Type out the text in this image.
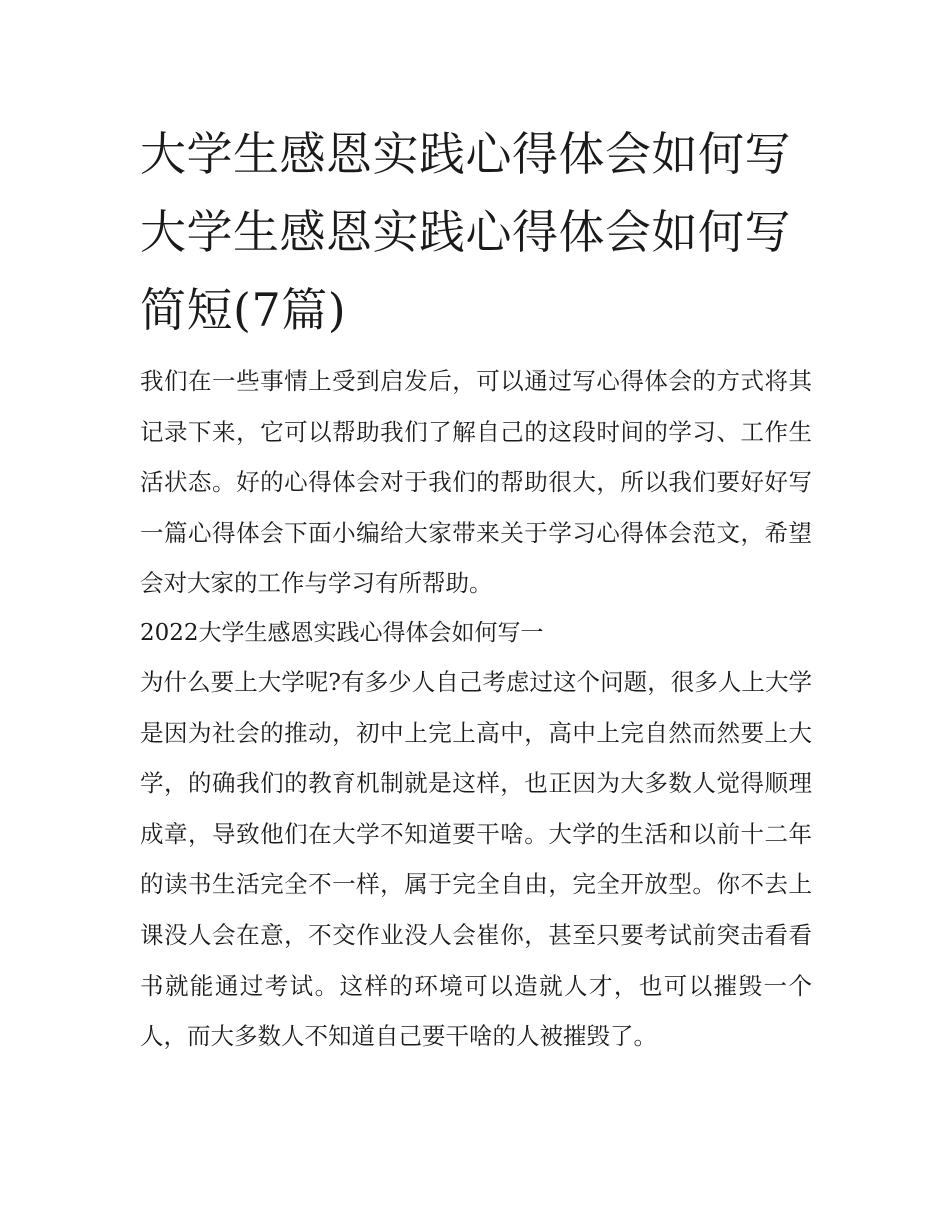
大学生感恩实践心得体会如何写 大学生感恩实践心得体会如何写简短(7篇)

我们在一些事情上受到启发后，可以通过写心得体会的方式将其记录下来，它可以帮助我们了解自己的这段时间的学习、工作生活状态。好的心得体会对于我们的帮助很大，所以我们要好好写一篇心得体会下面小编给大家带来关于学习心得体会范文，希望会对大家的工作与学习有所帮助。

2022大学生感恩实践心得体会如何写一

为什么要上大学呢?有多少人自己考虑过这个问题，很多人上大学是因为社会的推动，初中上完上高中，高中上完自然而然要上大学，的确我们的教育机制就是这样，也正因为大多数人觉得顺理成章，导致他们在大学不知道要干啥。大学的生活和以前十二年的读书生活完全不一样，属于完全自由，完全开放型。你不去上课没人会在意，不交作业没人会崔你，甚至只要考试前突击看看书就能通过考试。这样的环境可以造就人才，也可以摧毁一个人，而大多数人不知道自己要干啥的人被摧毁了。
